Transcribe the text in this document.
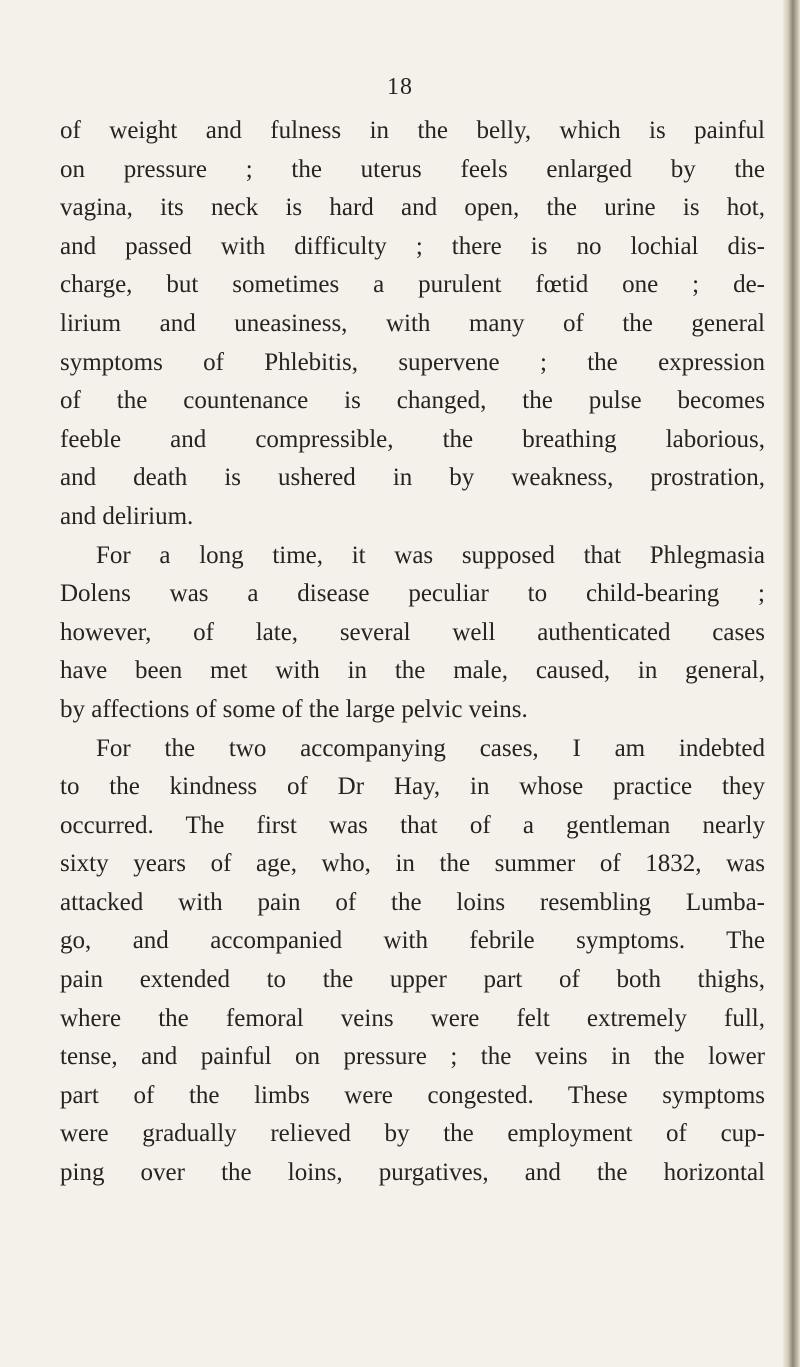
18
of weight and fulness in the belly, which is painful
on pressure ; the uterus feels enlarged by the
vagina, its neck is hard and open, the urine is hot,
and passed with difficulty ; there is no lochial dis-
charge, but sometimes a purulent fœtid one ; de-
lirium and uneasiness, with many of the general
symptoms of Phlebitis, supervene ; the expression
of the countenance is changed, the pulse becomes
feeble and compressible, the breathing laborious,
and death is ushered in by weakness, prostration,
and delirium.
For a long time, it was supposed that Phlegmasia
Dolens was a disease peculiar to child-bearing ;
however, of late, several well authenticated cases
have been met with in the male, caused, in general,
by affections of some of the large pelvic veins.
For the two accompanying cases, I am indebted
to the kindness of Dr Hay, in whose practice they
occurred. The first was that of a gentleman nearly
sixty years of age, who, in the summer of 1832, was
attacked with pain of the loins resembling Lumba-
go, and accompanied with febrile symptoms. The
pain extended to the upper part of both thighs,
where the femoral veins were felt extremely full,
tense, and painful on pressure ; the veins in the lower
part of the limbs were congested. These symptoms
were gradually relieved by the employment of cup-
ping over the loins, purgatives, and the horizontal
